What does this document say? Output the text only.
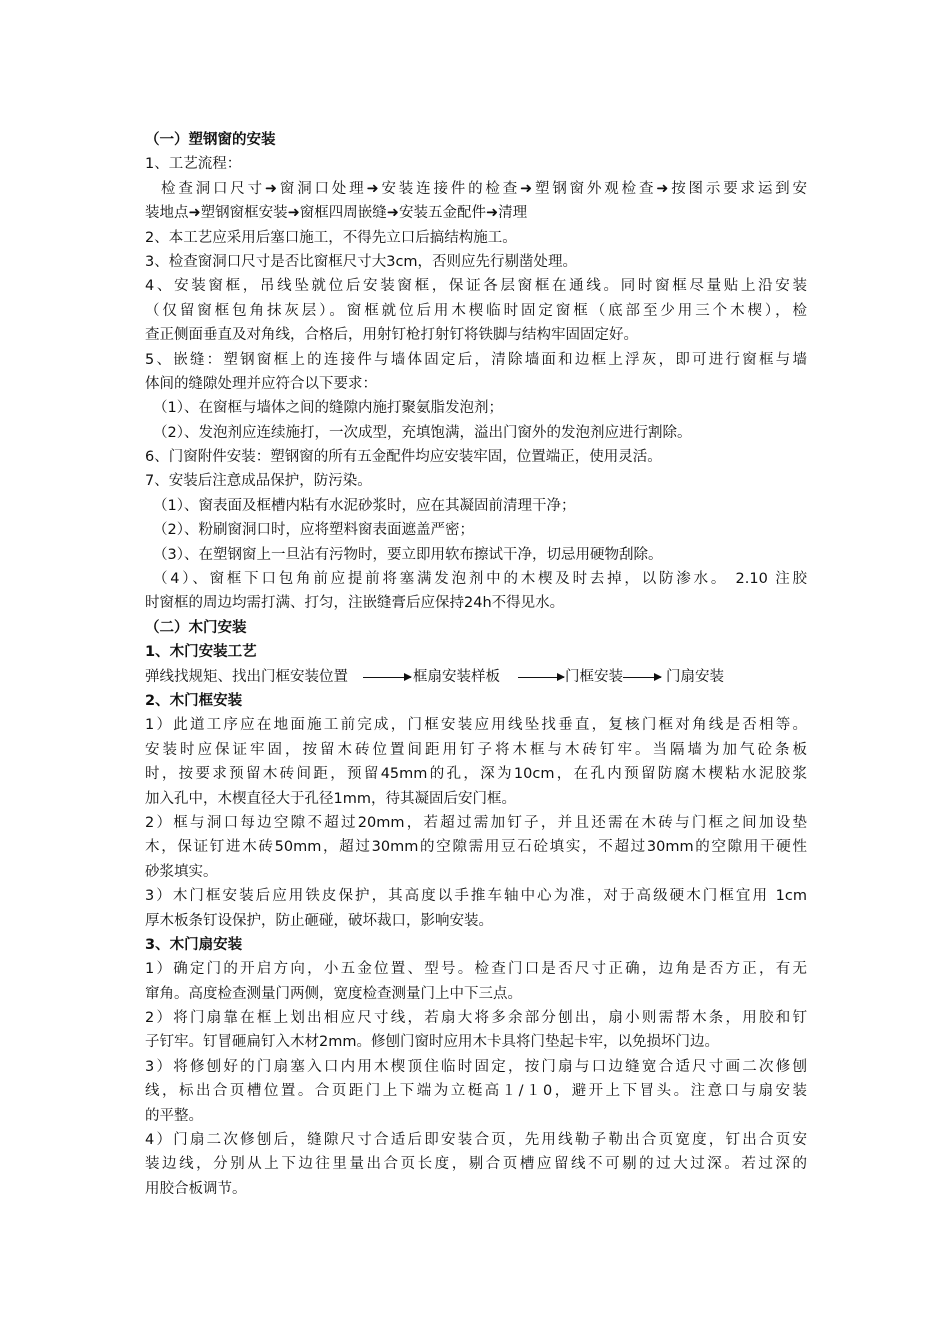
（一）塑钢窗的安装
1、工艺流程：
检查洞口尺寸➜窗洞口处理➜安装连接件的检查➜塑钢窗外观检查➜按图示要求运到安
装地点➜塑钢窗框安装➜窗框四周嵌缝➜安装五金配件➜清理
2、本工艺应采用后塞口施工，不得先立口后搞结构施工。
3、检查窗洞口尺寸是否比窗框尺寸大3cm，否则应先行剔凿处理。
4、安装窗框，吊线坠就位后安装窗框，保证各层窗框在通线。同时窗框尽量贴上沿安装
（仅留窗框包角抹灰层）。窗框就位后用木楔临时固定窗框（底部至少用三个木楔），检
查正侧面垂直及对角线，合格后，用射钉枪打射钉将铁脚与结构牢固固定好。
5、嵌缝：塑钢窗框上的连接件与墙体固定后，清除墙面和边框上浮灰，即可进行窗框与墙
体间的缝隙处理并应符合以下要求：
（1）、在窗框与墙体之间的缝隙内施打聚氨脂发泡剂；
（2）、发泡剂应连续施打，一次成型，充填饱满，溢出门窗外的发泡剂应进行割除。
6、门窗附件安装：塑钢窗的所有五金配件均应安装牢固，位置端正，使用灵活。
7、安装后注意成品保护，防污染。
（1）、窗表面及框槽内粘有水泥砂浆时，应在其凝固前清理干净；
（2）、粉刷窗洞口时，应将塑料窗表面遮盖严密；
（3）、在塑钢窗上一旦沾有污物时，要立即用软布擦试干净，切忌用硬物刮除。
（4）、窗框下口包角前应提前将塞满发泡剂中的木楔及时去掉，以防渗水。 2.10 注胶
时窗框的周边均需打满、打匀，注嵌缝膏后应保持24h不得见水。
（二）木门安装
1、木门安装工艺
弹线找规矩、找出门框安装位置	框扇安装样板	门框安装	门扇安装
2、木门框安装
1）此道工序应在地面施工前完成，门框安装应用线坠找垂直，复核门框对角线是否相等。
安装时应保证牢固，按留木砖位置间距用钉子将木框与木砖钉牢。当隔墙为加气砼条板
时，按要求预留木砖间距，预留45mm的孔，深为10cm，在孔内预留防腐木楔粘水泥胶浆
加入孔中，木楔直径大于孔径1mm，待其凝固后安门框。
2）框与洞口每边空隙不超过20mm，若超过需加钉子，并且还需在木砖与门框之间加设垫
木，保证钉进木砖50mm，超过30mm的空隙需用豆石砼填实，不超过30mm的空隙用干硬性
砂浆填实。
3）木门框安装后应用铁皮保护，其高度以手推车轴中心为准，对于高级硬木门框宜用 1cm
厚木板条钉设保护，防止砸碰，破坏裁口，影响安装。
3、木门扇安装
1）确定门的开启方向，小五金位置、型号。检查门口是否尺寸正确，边角是否方正，有无
窜角。高度检查测量门两侧，宽度检查测量门上中下三点。
2）将门扇靠在框上划出相应尺寸线，若扇大将多余部分刨出，扇小则需帮木条，用胶和钉
子钉牢。钉冒砸扁钉入木材2mm。修刨门窗时应用木卡具将门垫起卡牢，以免损坏门边。
3）将修刨好的门扇塞入口内用木楔顶住临时固定，按门扇与口边缝宽合适尺寸画二次修刨
线，标出合页槽位置。合页距门上下端为立梃高１/１0，避开上下冒头。注意口与扇安装
的平整。
4）门扇二次修刨后，缝隙尺寸合适后即安装合页，先用线勒子勒出合页宽度，钉出合页安
装边线，分别从上下边往里量出合页长度，剔合页槽应留线不可剔的过大过深。若过深的
用胶合板调节。
